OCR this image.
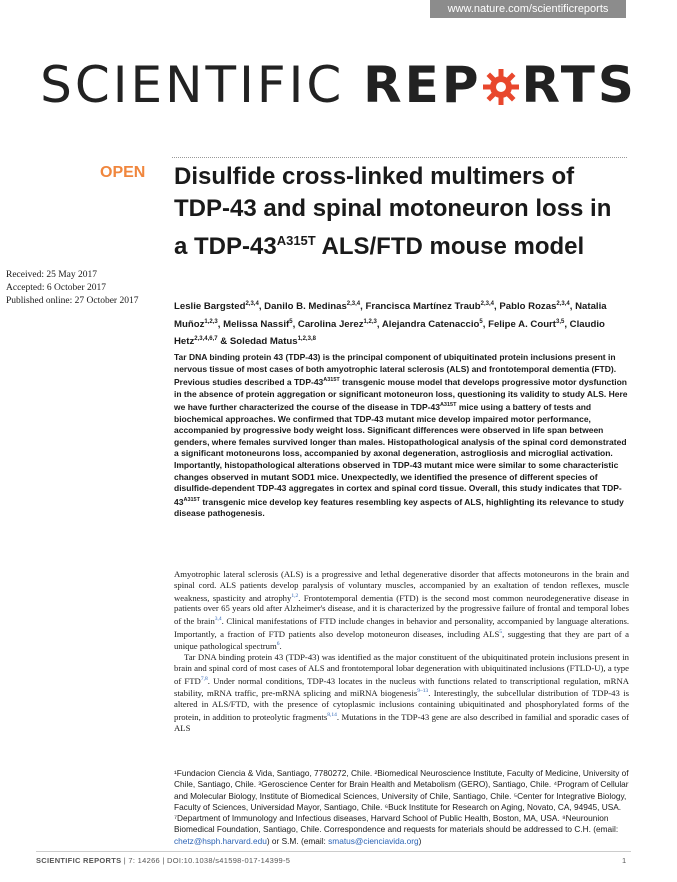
www.nature.com/scientificreports
SCIENTIFIC REP RTS
OPEN Disulfide cross-linked multimers of TDP-43 and spinal motoneuron loss in a TDP-$43^{A315T}$ ALS/FTD mouse model
Received: 25 May 2017
Accepted: 6 October 2017
Published online: 27 October 2017
Leslie Bargsted$^{2,3,4}$, Danilo B. Medinas$^{2,3,4}$, Francisca Martínez Traub$^{2,3,4}$, Pablo Rozas$^{2,3,4}$, Natalia Muñoz$^{1,2,3}$, Melissa Nassif$^5$, Carolina Jerez$^{1,2,3}$, Alejandra Catenaccio$^5$, Felipe A. Court$^{3,5}$, Claudio Hetz$^{2,3,4,6,7}$ & Soledad Matus$^{1,2,3,8}$

Tar DNA binding protein 43 (TDP-43) is the principal component of ubiquitinated protein inclusions present in nervous tissue of most cases of both amyotrophic lateral sclerosis (ALS) and frontotemporal dementia (FTD). Previous studies described a TDP-$43^{A315T}$ transgenic mouse model that develops progressive motor dysfunction in the absence of protein aggregation or significant motoneuron loss, questioning its validity to study ALS. Here we have further characterized the course of the disease in TDP-$43^{A315T}$ mice using a battery of tests and biochemical approaches. We confirmed that TDP-43 mutant mice develop impaired motor performance, accompanied by progressive body weight loss. Significant differences were observed in life span between genders, where females survived longer than males. Histopathological analysis of the spinal cord demonstrated a significant motoneurons loss, accompanied by axonal degeneration, astrogliosis and microglial activation. Importantly, histopathological alterations observed in TDP-43 mutant mice were similar to some characteristic changes observed in mutant SOD1 mice. Unexpectedly, we identified the presence of different species of disulfide-dependent TDP-43 aggregates in cortex and spinal cord tissue. Overall, this study indicates that TDP-$43^{A315T}$ transgenic mice develop key features resembling key aspects of ALS, highlighting its relevance to study disease pathogenesis.

Amyotrophic lateral sclerosis (ALS) is a progressive and lethal degenerative disorder that affects motoneurons in the brain and spinal cord. ALS patients develop paralysis of voluntary muscles, accompanied by an exaltation of tendon reflexes, muscle weakness, spasticity and atrophy$^{1,2}$. Frontotemporal dementia (FTD) is the second most common neurodegenerative disease in patients over 65 years old after Alzheimer's disease, and it is characterized by the progressive failure of frontal and temporal lobes of the brain$^{3,4}$. Clinical manifestations of FTD include changes in behavior and personality, accompanied by language alterations. Importantly, a fraction of FTD patients also develop motoneuron diseases, including ALS$^5$, suggesting that they are part of a unique pathological spectrum$^6$.

Tar DNA binding protein 43 (TDP-43) was identified as the major constituent of the ubiquitinated protein inclusions present in brain and spinal cord of most cases of ALS and frontotemporal lobar degeneration with ubiquitinated inclusions (FTLD-U), a type of FTD$^{7,8}$. Under normal conditions, TDP-43 locates in the nucleus with functions related to transcriptional regulation, mRNA stability, mRNA traffic, pre-mRNA splicing and miRNA biogenesis$^{9-13}$. Interestingly, the subcellular distribution of TDP-43 is altered in ALS/FTD, with the presence of cytoplasmic inclusions containing ubiquitinated and phosphorylated forms of the protein, in addition to proteolytic fragments$^{8,14}$. Mutations in the TDP-43 gene are also described in familial and sporadic cases of ALS

¹Fundacion Ciencia & Vida, Santiago, 7780272, Chile. ²Biomedical Neuroscience Institute, Faculty of Medicine, University of Chile, Santiago, Chile. ³Geroscience Center for Brain Health and Metabolism (GERO), Santiago, Chile. ⁴Program of Cellular and Molecular Biology, Institute of Biomedical Sciences, University of Chile, Santiago, Chile. ⁵Center for Integrative Biology, Faculty of Sciences, Universidad Mayor, Santiago, Chile. ⁶Buck Institute for Research on Aging, Novato, CA, 94945, USA. ⁷Department of Immunology and Infectious diseases, Harvard School of Public Health, Boston, MA, USA. ⁸Neurounion Biomedical Foundation, Santiago, Chile. Correspondence and requests for materials should be addressed to C.H. (email: chetz@hsph.harvard.edu) or S.M. (email: smatus@cienciavida.org)
SCIENTIFIC REPORTS | 7: 14266 | DOI:10.1038/s41598-017-14399-5	1
